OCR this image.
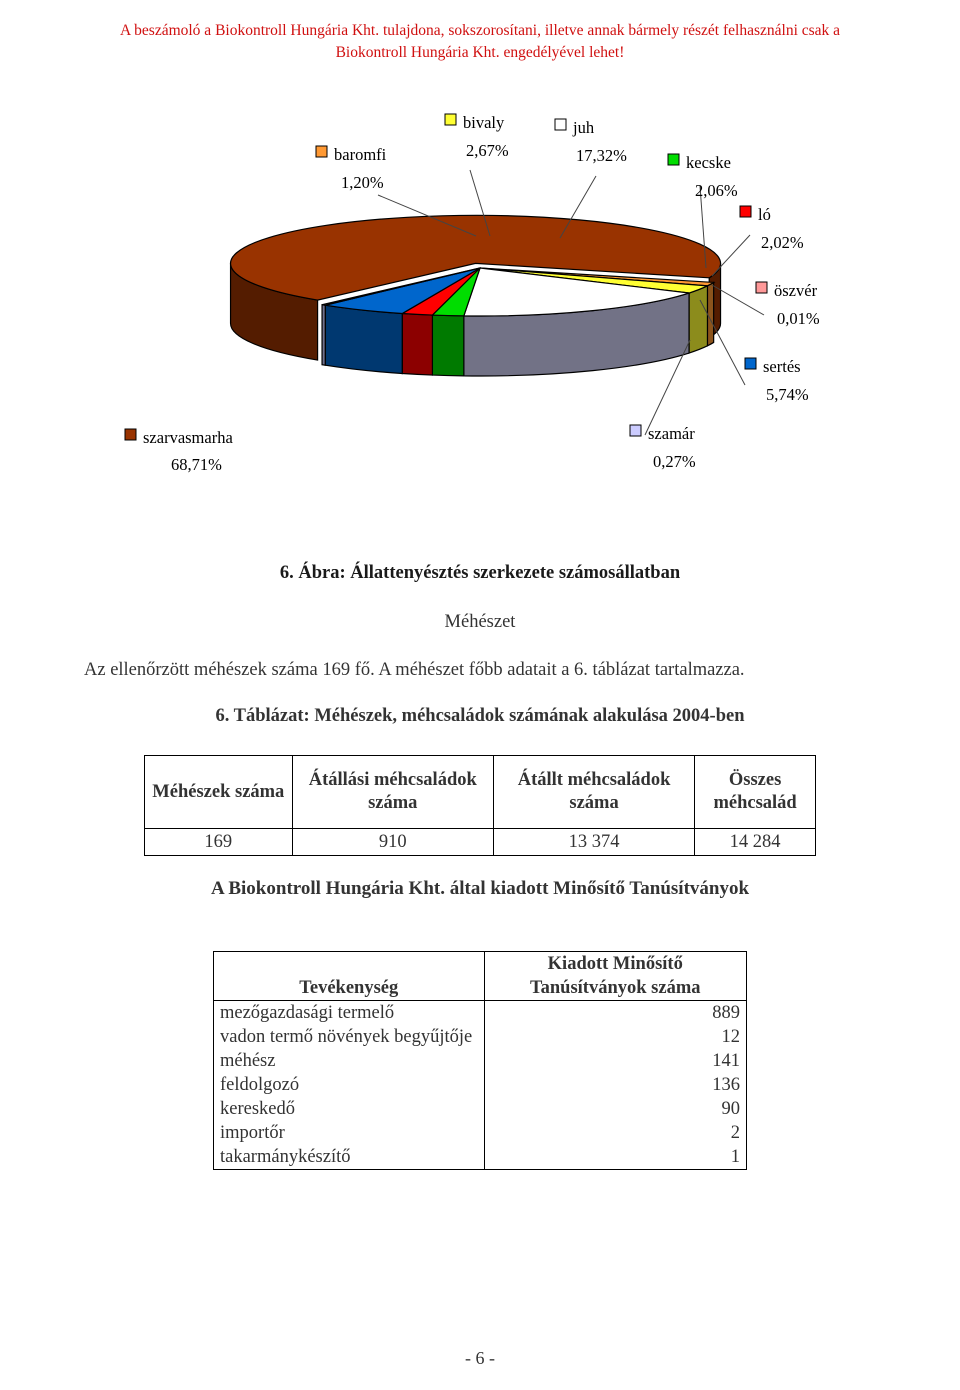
A beszámoló a Biokontroll Hungária Kht. tulajdona, sokszorosítani, illetve annak bármely részét felhasználni csak a
Biokontroll Hungária Kht. engedélyével lehet!
szarvasmarha
68,71%
baromfi
1,20%
bivaly
2,67%
juh
17,32%	kecske
2,06%
ló
2,02%
öszvér
0,01%
sertés
5,74%
szamár
0,27%
6. Ábra: Állattenyésztés szerkezete számosállatban
Méhészet
Az ellenőrzött méhészek száma 169 fő. A méhészet főbb adatait a 6. táblázat tartalmazza.
6. Táblázat: Méhészek, méhcsaládok számának alakulása 2004-ben
Méhészek száma	Átállási méhcsaládok száma	Átállt méhcsaládok száma	Összes méhcsalád
169	910	13 374	14 284
A Biokontroll Hungária Kht. által kiadott Minősítő Tanúsítványok
Tevékenység	Kiadott Minősítő Tanúsítványok száma
mezőgazdasági termelő	889
vadon termő növények begyűjtője	12
méhész	141
feldolgozó	136
kereskedő	90
importőr	2
takarmánykészítő	1
- 6 -
